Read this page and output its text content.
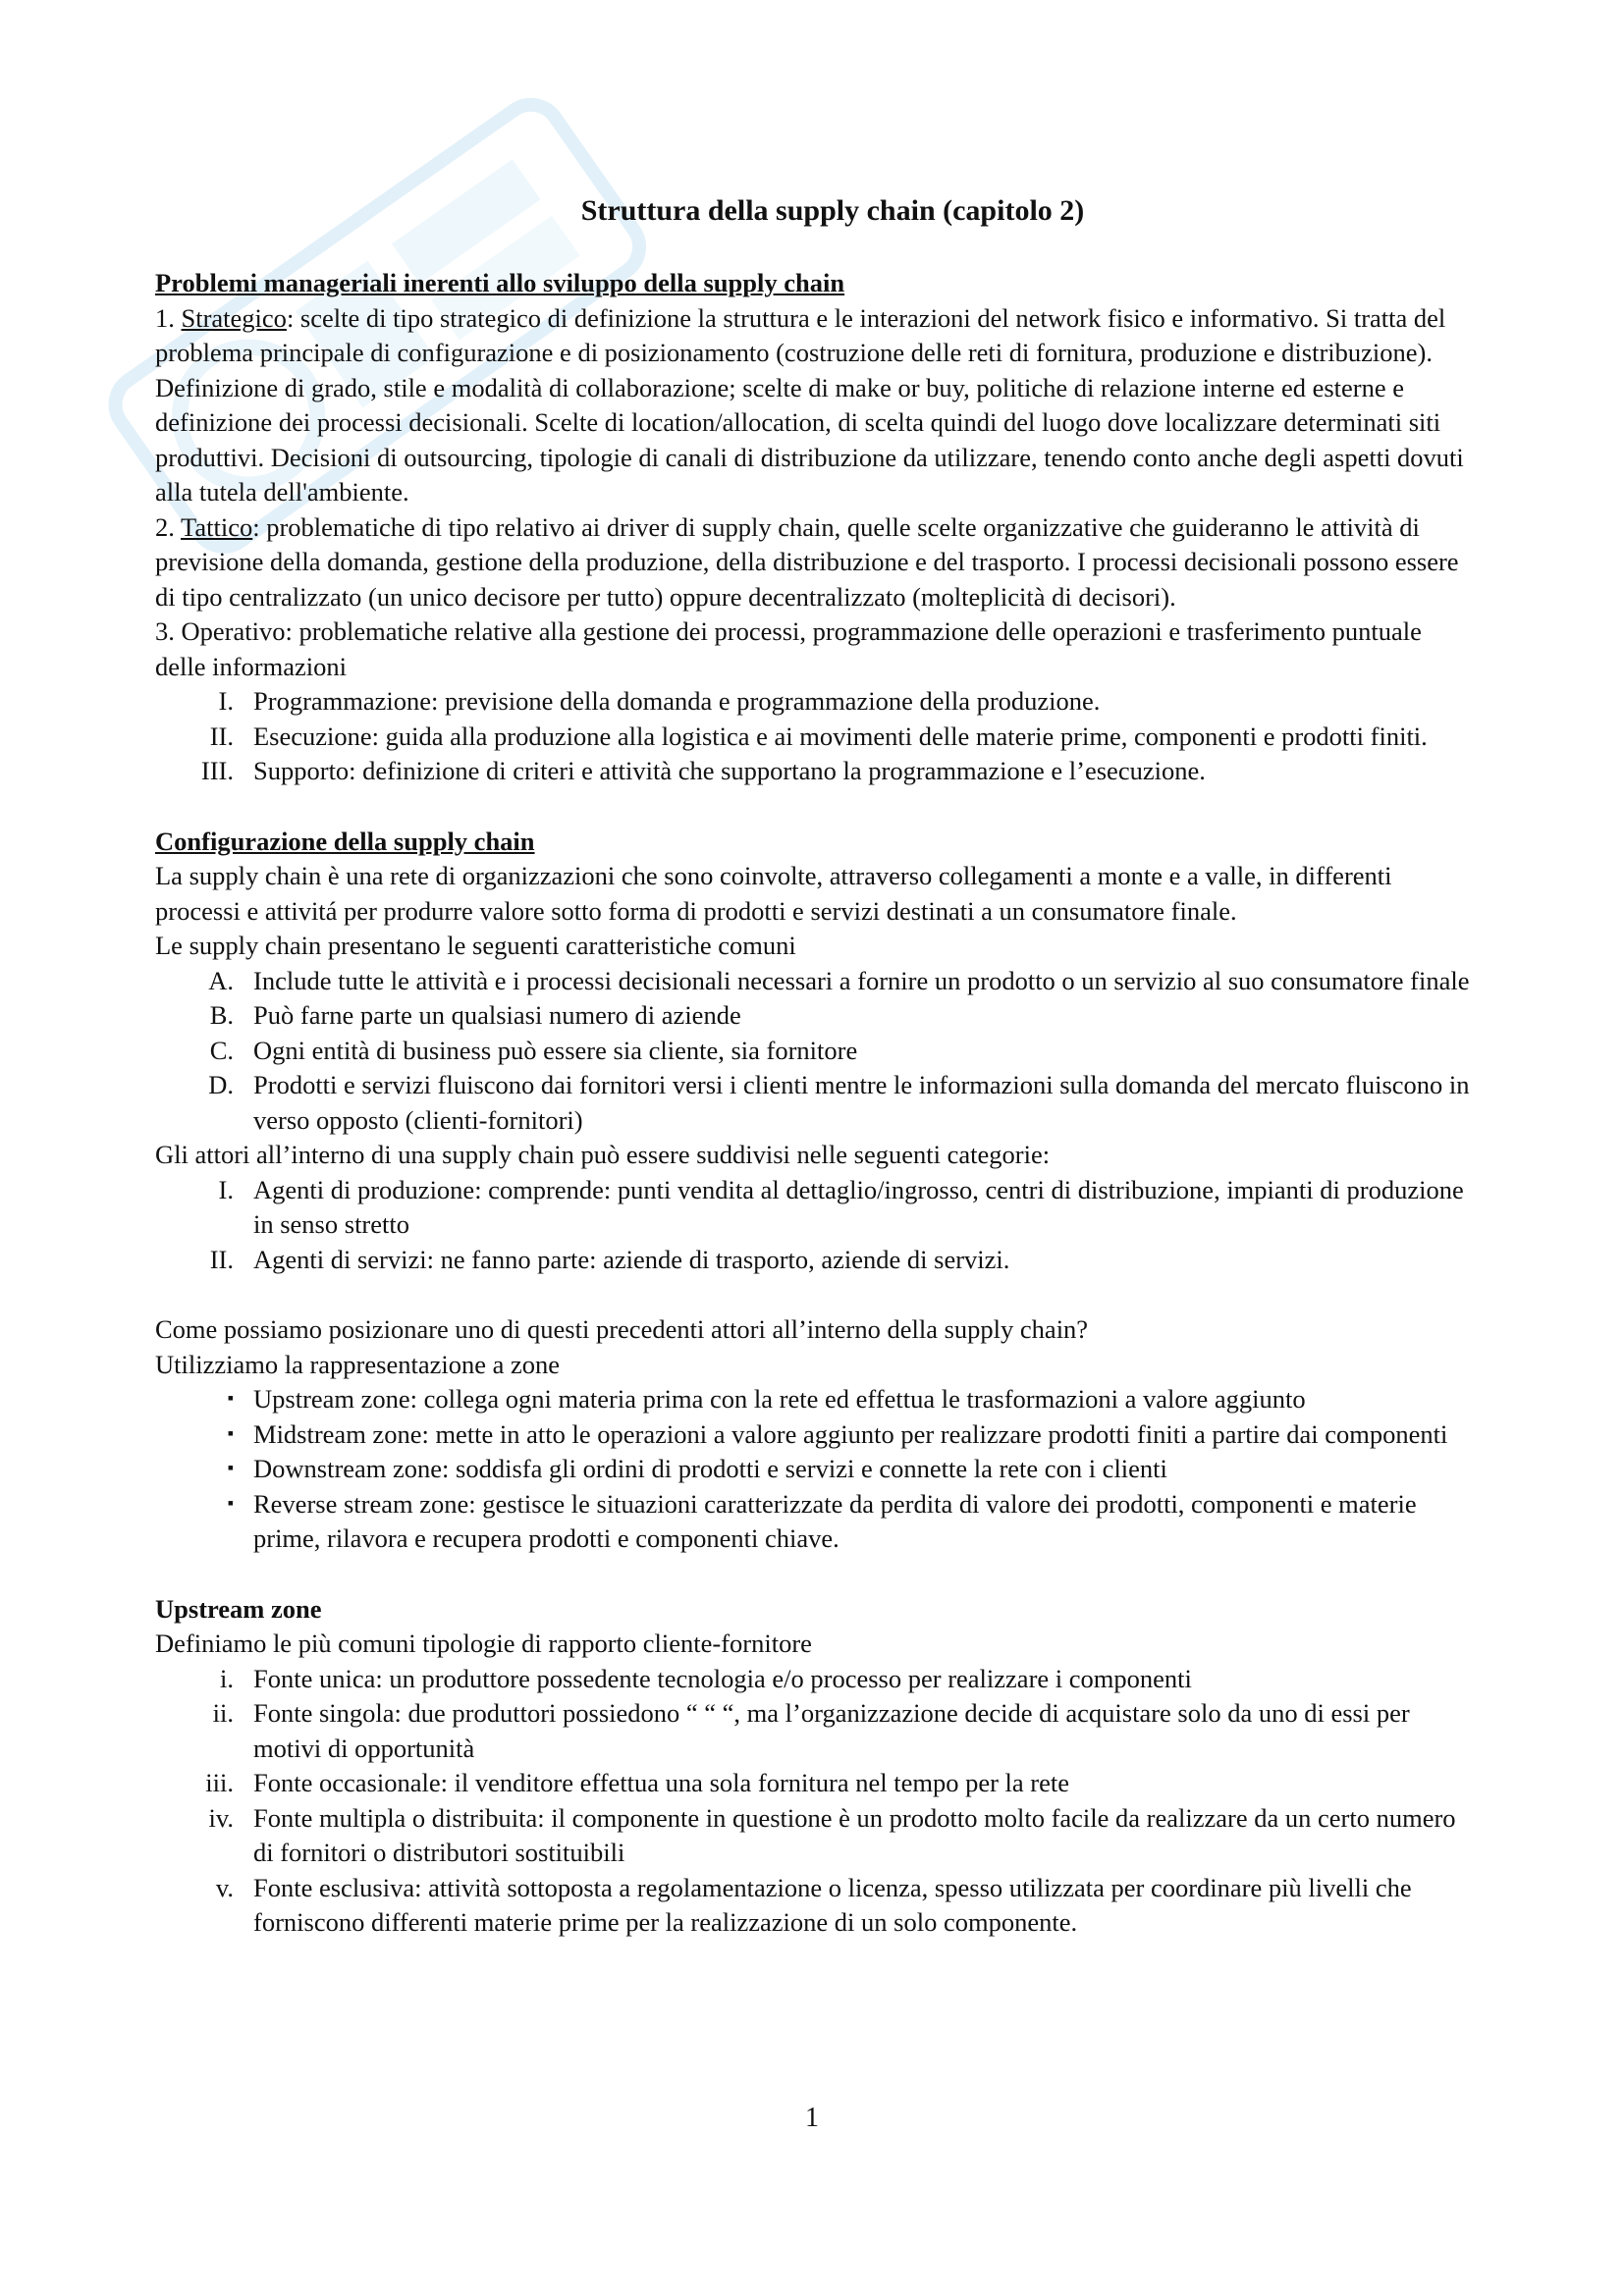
Struttura della supply chain (capitolo 2)

Problemi manageriali inerenti allo sviluppo della supply chain

1. Strategico: scelte di tipo strategico di definizione la struttura e le interazioni del network fisico e informativo. Si tratta del problema principale di configurazione e di posizionamento (costruzione delle reti di fornitura, produzione e distribuzione). Definizione di grado, stile e modalità di collaborazione; scelte di make or buy, politiche di relazione interne ed esterne e definizione dei processi decisionali. Scelte di location/allocation, di scelta quindi del luogo dove localizzare determinati siti produttivi. Decisioni di outsourcing, tipologie di canali di distribuzione da utilizzare, tenendo conto anche degli aspetti dovuti alla tutela dell'ambiente.

2. Tattico: problematiche di tipo relativo ai driver di supply chain, quelle scelte organizzative che guideranno le attività di previsione della domanda, gestione della produzione, della distribuzione e del trasporto. I processi decisionali possono essere di tipo centralizzato (un unico decisore per tutto) oppure decentralizzato (molteplicità di decisori).

3. Operativo: problematiche relative alla gestione dei processi, programmazione delle operazioni e trasferimento puntuale delle informazioni

I. Programmazione: previsione della domanda e programmazione della produzione.
II. Esecuzione: guida alla produzione alla logistica e ai movimenti delle materie prime, componenti e prodotti finiti.
III. Supporto: definizione di criteri e attività che supportano la programmazione e l’esecuzione.

Configurazione della supply chain

La supply chain è una rete di organizzazioni che sono coinvolte, attraverso collegamenti a monte e a valle, in differenti processi e attivitá per produrre valore sotto forma di prodotti e servizi destinati a un consumatore finale.

Le supply chain presentano le seguenti caratteristiche comuni

A. Include tutte le attività e i processi decisionali necessari a fornire un prodotto o un servizio al suo consumatore finale
B. Può farne parte un qualsiasi numero di aziende
C. Ogni entità di business può essere sia cliente, sia fornitore
D. Prodotti e servizi fluiscono dai fornitori versi i clienti mentre le informazioni sulla domanda del mercato fluiscono in verso opposto (clienti-fornitori)

Gli attori all’interno di una supply chain può essere suddivisi nelle seguenti categorie:

I. Agenti di produzione: comprende: punti vendita al dettaglio/ingrosso, centri di distribuzione, impianti di produzione in senso stretto
II. Agenti di servizi: ne fanno parte: aziende di trasporto, aziende di servizi.

Come possiamo posizionare uno di questi precedenti attori all’interno della supply chain?

Utilizziamo la rappresentazione a zone

▪ Upstream zone: collega ogni materia prima con la rete ed effettua le trasformazioni a valore aggiunto
▪ Midstream zone: mette in atto le operazioni a valore aggiunto per realizzare prodotti finiti a partire dai componenti
▪ Downstream zone: soddisfa gli ordini di prodotti e servizi e connette la rete con i clienti
▪ Reverse stream zone: gestisce le situazioni caratterizzate da perdita di valore dei prodotti, componenti e materie prime, rilavora e recupera prodotti e componenti chiave.

Upstream zone

Definiamo le più comuni tipologie di rapporto cliente-fornitore

i. Fonte unica: un produttore possedente tecnologia e/o processo per realizzare i componenti
ii. Fonte singola: due produttori possiedono “ “ “, ma l’organizzazione decide di acquistare solo da uno di essi per motivi di opportunità
iii. Fonte occasionale: il venditore effettua una sola fornitura nel tempo per la rete
iv. Fonte multipla o distribuita: il componente in questione è un prodotto molto facile da realizzare da un certo numero di fornitori o distributori sostituibili
v. Fonte esclusiva: attività sottoposta a regolamentazione o licenza, spesso utilizzata per coordinare più livelli che forniscono differenti materie prime per la realizzazione di un solo componente.
1
